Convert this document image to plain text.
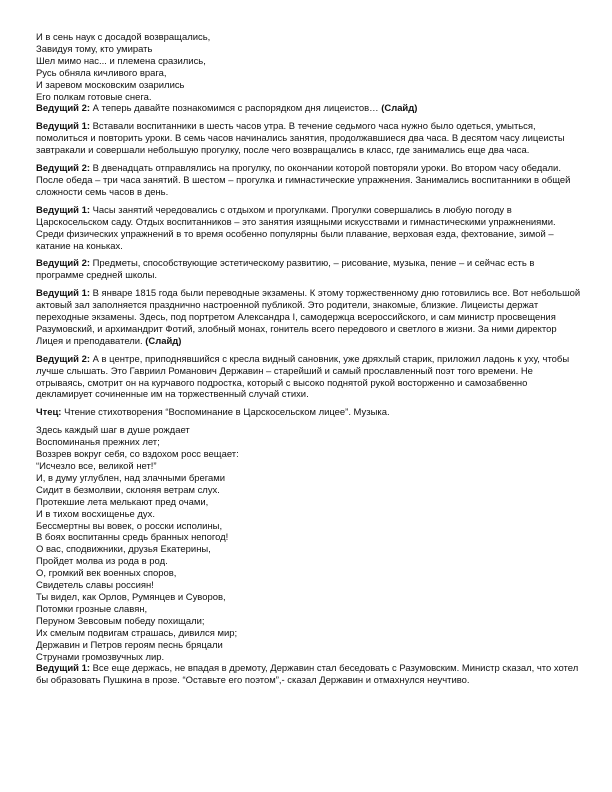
И в сень наук с досадой возвращались,
Завидуя тому, кто умирать
Шел мимо нас... и племена сразились,
Русь обняла кичливого врага,
И заревом московским озарились
Его полкам готовые снега.
Ведущий 2: А теперь давайте познакомимся с распорядком дня лицеистов… (Слайд)
Ведущий 1: Вставали воспитанники в шесть часов утра. В течение седьмого часа нужно было одеться, умыться, помолиться и повторить уроки. В семь часов начинались занятия, продолжавшиеся два часа. В десятом часу лицеисты завтракали и совершали небольшую прогулку, после чего возвращались в класс, где занимались еще два часа.
Ведущий 2: В двенадцать отправлялись на прогулку, по окончании которой повторяли уроки. Во втором часу обедали. После обеда – три часа занятий. В шестом – прогулка и гимнастические упражнения. Занимались воспитанники в общей сложности семь часов в день.
Ведущий 1: Часы занятий чередовались с отдыхом и прогулками. Прогулки совершались в любую погоду в Царскосельском саду. Отдых воспитанников – это занятия изящными искусствами и гимнастическими упражнениями. Среди физических упражнений в то время особенно популярны были плавание, верховая езда, фехтование, зимой – катание на коньках.
Ведущий 2: Предметы, способствующие эстетическому развитию, – рисование, музыка, пение – и сейчас есть в программе средней школы.
Ведущий 1: В январе 1815 года были переводные экзамены. К этому торжественному дню готовились все. Вот небольшой актовый зал заполняется празднично настроенной публикой. Это родители, знакомые, близкие. Лицеисты держат переходные экзамены. Здесь, под портретом Александра I, самодержца всероссийского, и сам министр просвещения Разумовский, и архимандрит Фотий, злобный монах, гонитель всего передового и светлого в жизни. За ними директор Лицея и преподаватели. (Слайд)
Ведущий 2: А в центре, приподнявшийся с кресла видный сановник, уже дряхлый старик, приложил ладонь к уху, чтобы лучше слышать. Это Гавриил Романович Державин – старейший и самый прославленный поэт того времени. Не отрываясь, смотрит он на курчавого подростка, который с высоко поднятой рукой восторженно и самозабвенно декламирует сочиненные им на торжественный случай стихи.
Чтец: Чтение стихотворения “Воспоминание в Царскосельском лицее”. Музыка.
Здесь каждый шаг в душе рождает
Воспоминанья прежних лет;
Воззрев вокруг себя, со вздохом росс вещает:
“Исчезло все, великой нет!”
И, в думу углублен, над злачными брегами
Сидит в безмолвии, склоняя ветрам слух.
Протекшие лета мелькают пред очами,
И в тихом восхищенье дух.
Бессмертны вы вовек, о росски исполины,
В боях воспитанны средь бранных непогод!
О вас, сподвижники, друзья Екатерины,
Пройдет молва из рода в род.
О, громкий век военных споров,
Свидетель славы россиян!
Ты видел, как Орлов, Румянцев и Суворов,
Потомки грозные славян,
Перуном Зевсовым победу похищали;
Их смелым подвигам страшась, дивился мир;
Державин и Петров героям песнь бряцали
Струнами громозвучных лир.
Ведущий 1: Все еще держась, не впадая в дремоту, Державин стал беседовать с Разумовским. Министр сказал, что хотел бы образовать Пушкина в прозе. “Оставьте его поэтом”,- сказал Державин и отмахнулся неучтиво.
